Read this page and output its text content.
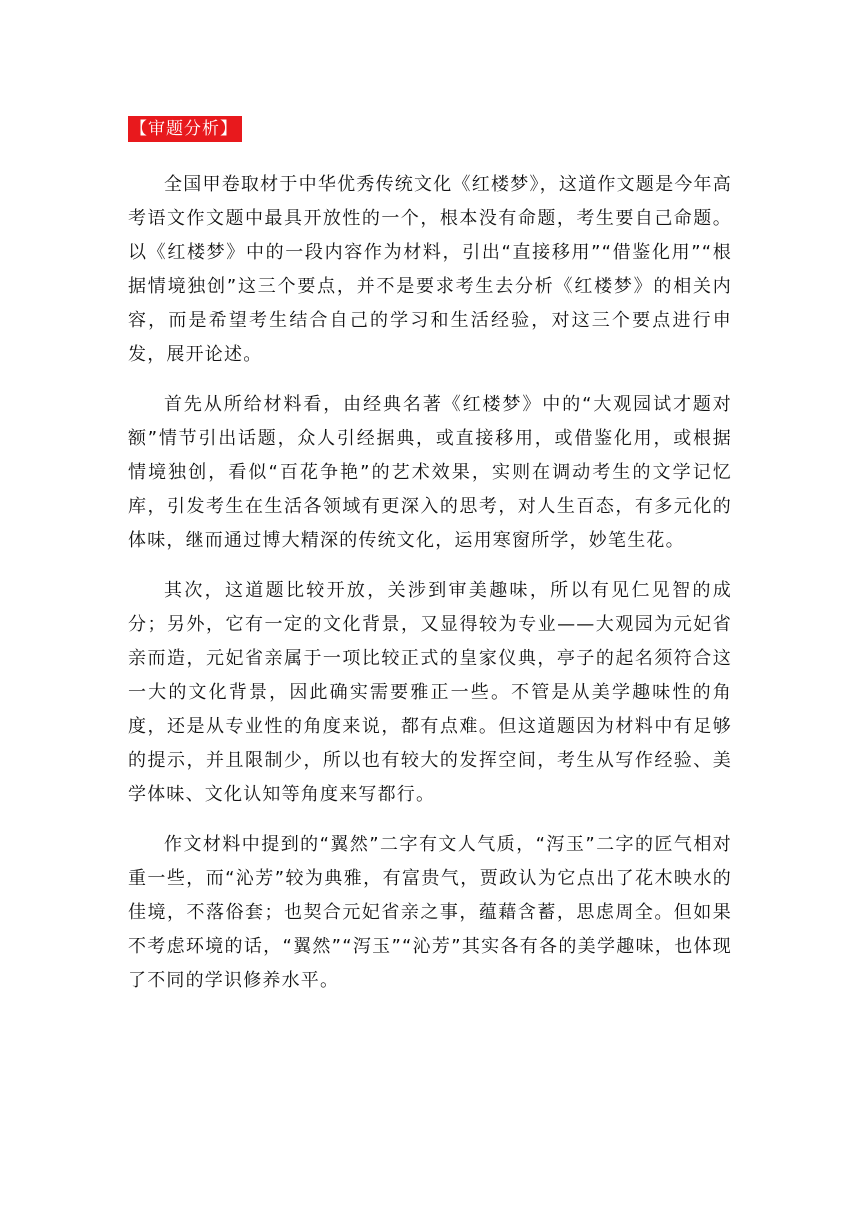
【审题分析】

全国甲卷取材于中华优秀传统文化《红楼梦》，这道作文题是今年高考语文作文题中最具开放性的一个，根本没有命题，考生要自己命题。以《红楼梦》中的一段内容作为材料，引出“直接移用”“借鉴化用”“根据情境独创”这三个要点，并不是要求考生去分析《红楼梦》的相关内容，而是希望考生结合自己的学习和生活经验，对这三个要点进行申发，展开论述。

首先从所给材料看，由经典名著《红楼梦》中的“大观园试才题对额”情节引出话题，众人引经据典，或直接移用，或借鉴化用，或根据情境独创，看似“百花争艳”的艺术效果，实则在调动考生的文学记忆库，引发考生在生活各领域有更深入的思考，对人生百态，有多元化的体味，继而通过博大精深的传统文化，运用寒窗所学，妙笔生花。

其次，这道题比较开放，关涉到审美趣味，所以有见仁见智的成分；另外，它有一定的文化背景，又显得较为专业——大观园为元妃省亲而造，元妃省亲属于一项比较正式的皇家仪典，亭子的起名须符合这一大的文化背景，因此确实需要雅正一些。不管是从美学趣味性的角度，还是从专业性的角度来说，都有点难。但这道题因为材料中有足够的提示，并且限制少，所以也有较大的发挥空间，考生从写作经验、美学体味、文化认知等角度来写都行。

作文材料中提到的“翼然”二字有文人气质，“泻玉”二字的匠气相对重一些，而“沁芳”较为典雅，有富贵气，贾政认为它点出了花木映水的佳境，不落俗套；也契合元妃省亲之事，蕴藉含蓄，思虑周全。但如果不考虑环境的话，“翼然”“泻玉”“沁芳”其实各有各的美学趣味，也体现了不同的学识修养水平。
